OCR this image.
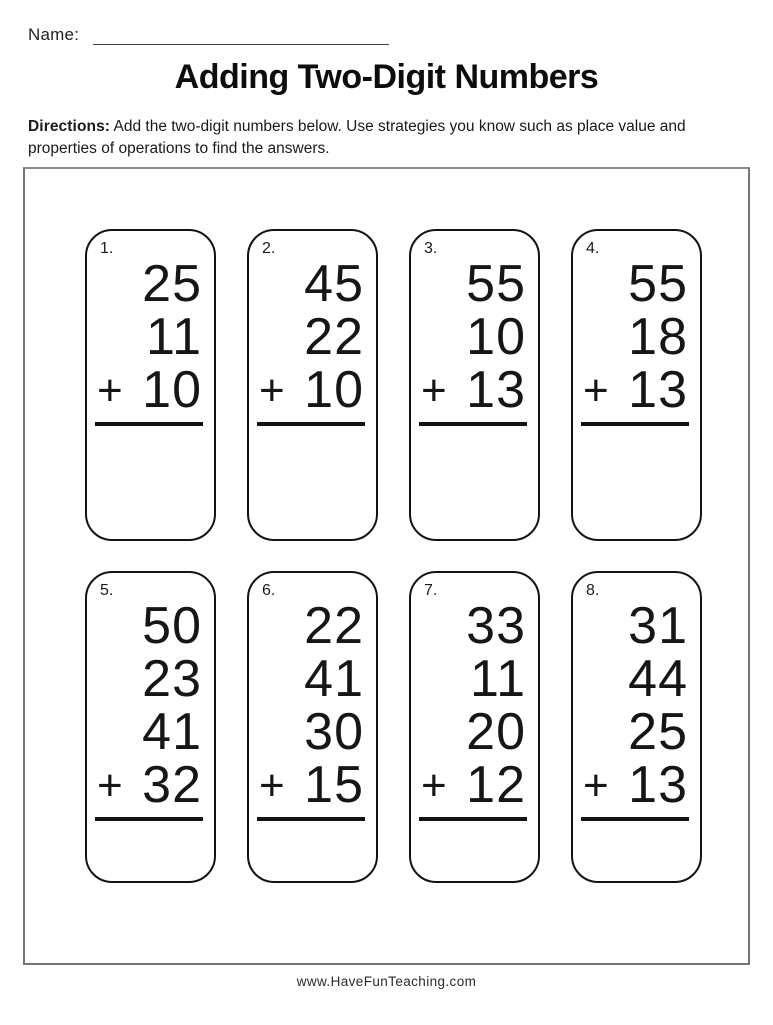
Name:
Adding Two-Digit Numbers

Directions: Add the two-digit numbers below. Use strategies you know such as place value and properties of operations to find the answers.

1.
25
11
+ 10
2.
45
22
+ 10
3.
55
10
+ 13
4.
55
18
+ 13
5.
50
23
41
+ 32
6.
22
41
30
+ 15
7.
33
11
20
+ 12
8.
31
44
25
+ 13
www.HaveFunTeaching.com
